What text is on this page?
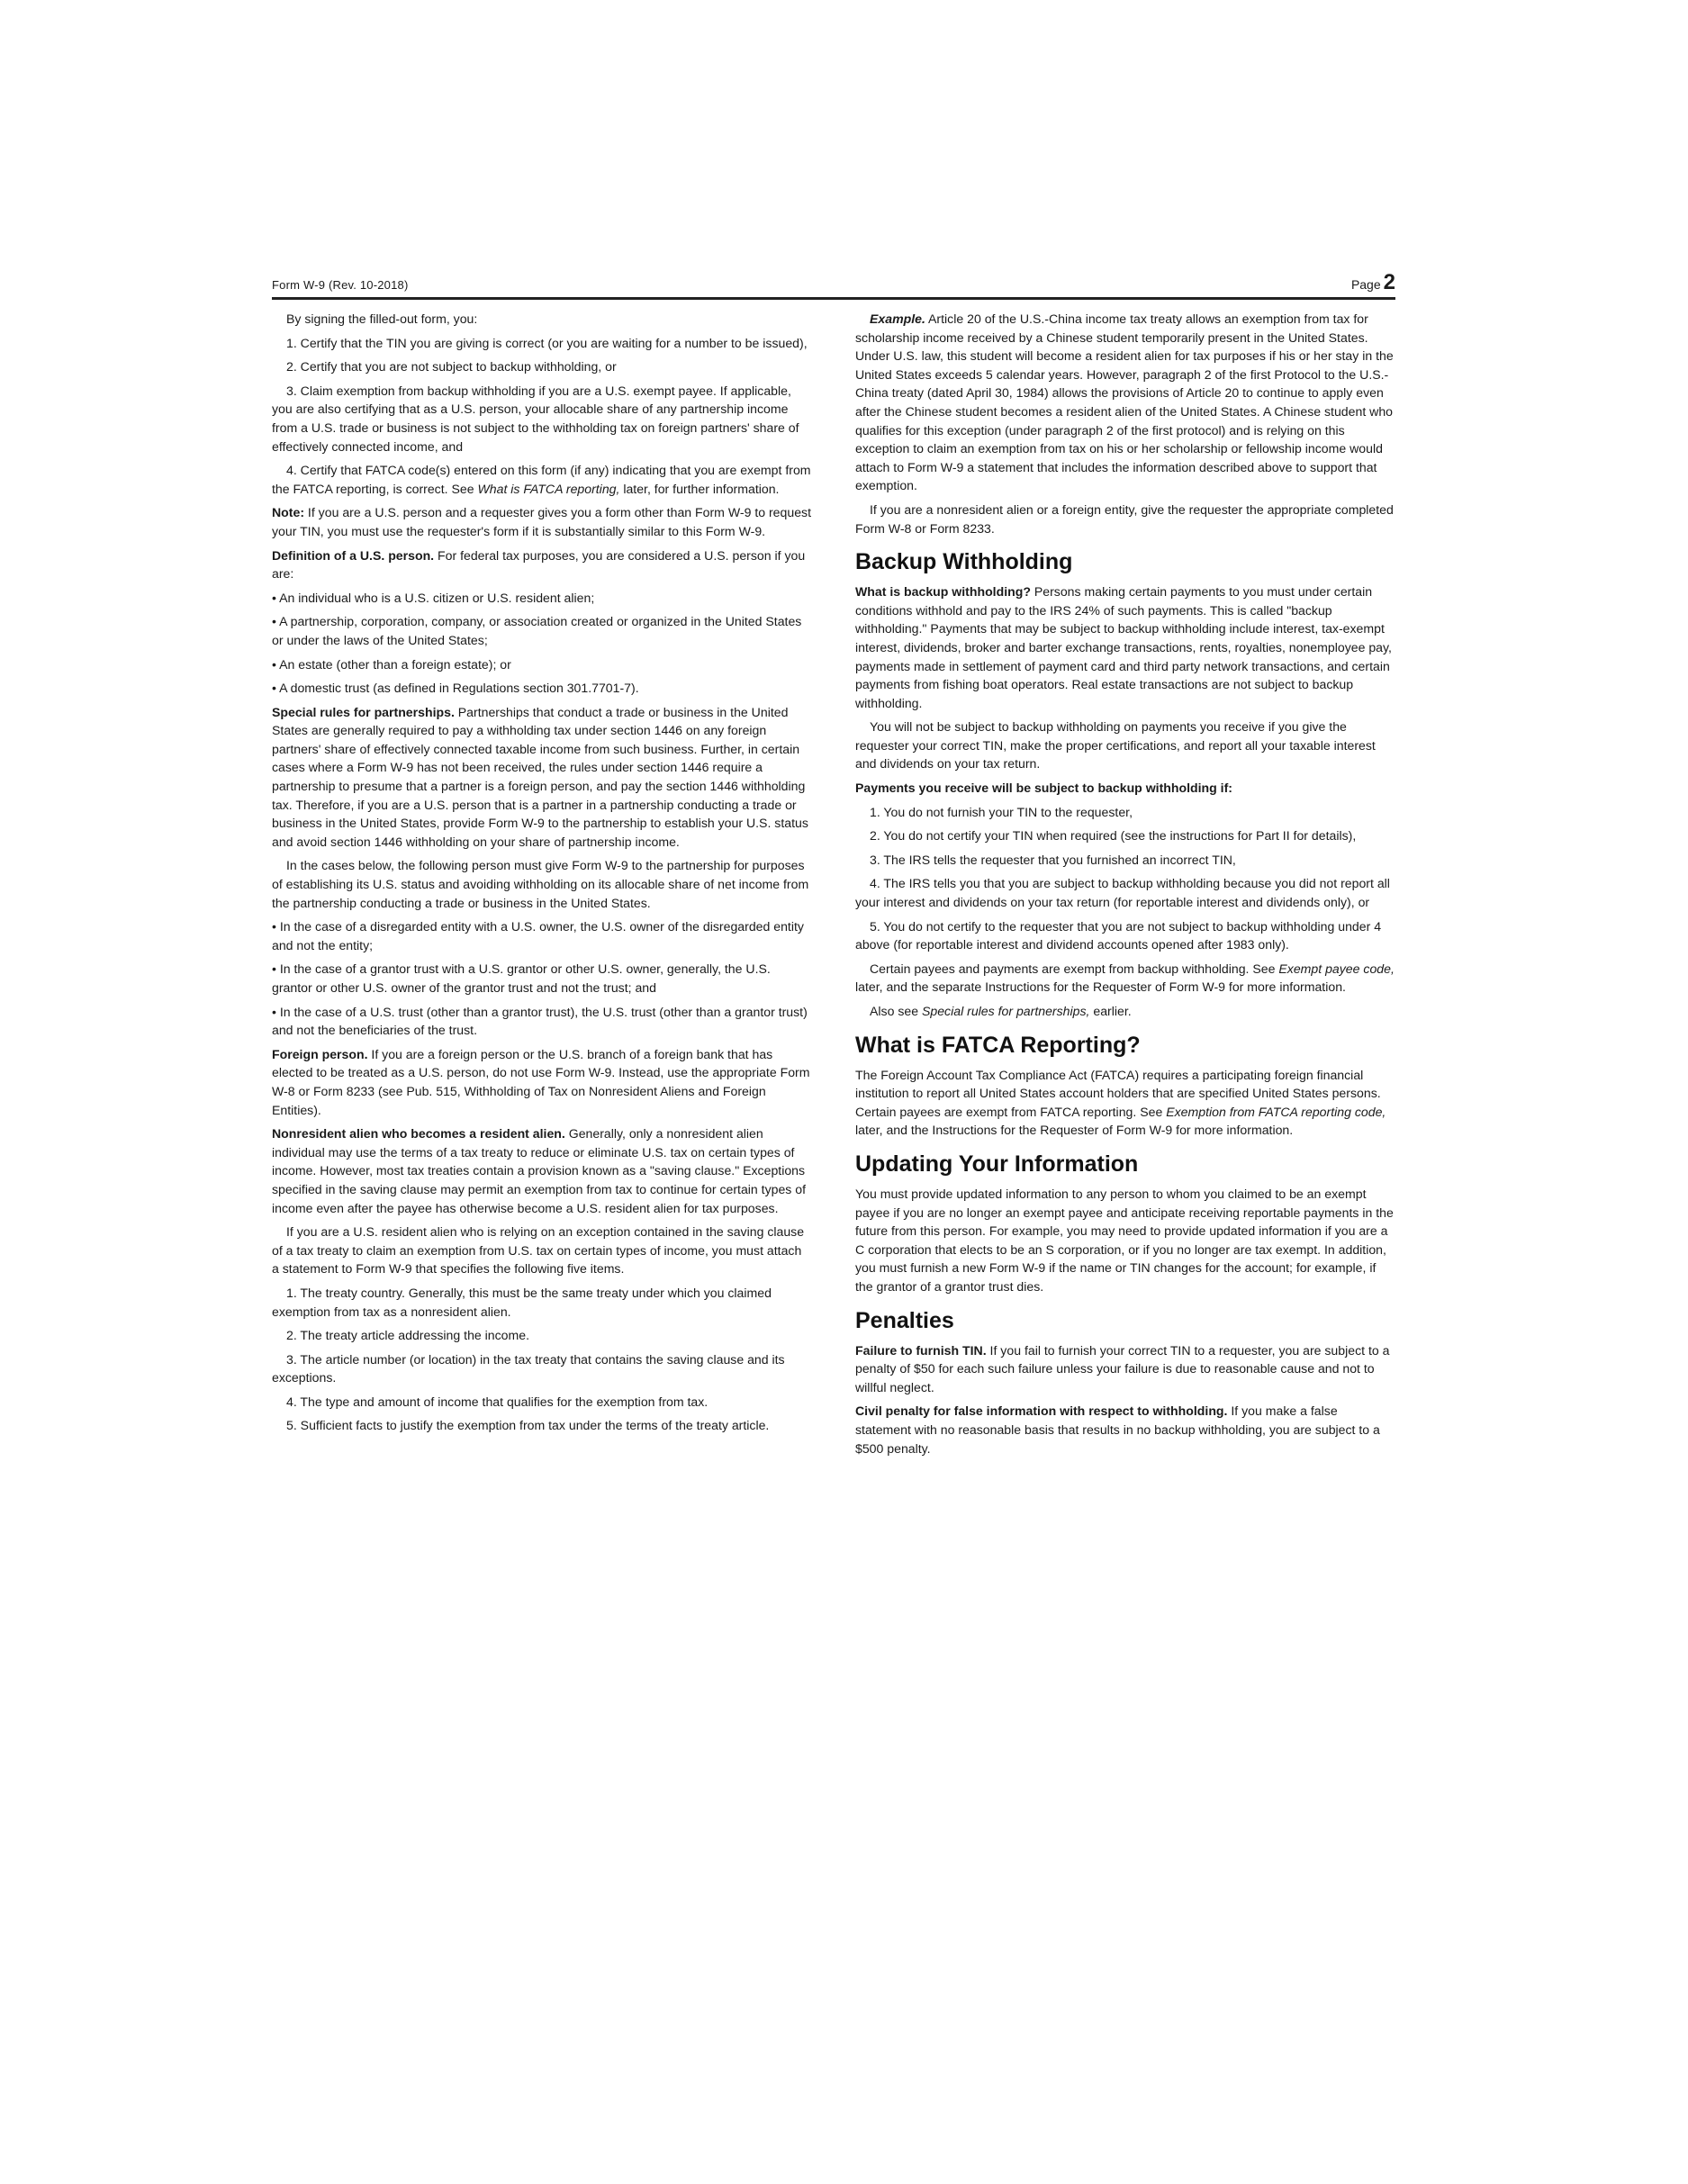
Form W-9 (Rev. 10-2018)	Page 2

By signing the filled-out form, you:

1. Certify that the TIN you are giving is correct (or you are waiting for a number to be issued),

2. Certify that you are not subject to backup withholding, or

3. Claim exemption from backup withholding if you are a U.S. exempt payee. If applicable, you are also certifying that as a U.S. person, your allocable share of any partnership income from a U.S. trade or business is not subject to the withholding tax on foreign partners' share of effectively connected income, and

4. Certify that FATCA code(s) entered on this form (if any) indicating that you are exempt from the FATCA reporting, is correct. See What is FATCA reporting, later, for further information.

Note: If you are a U.S. person and a requester gives you a form other than Form W-9 to request your TIN, you must use the requester's form if it is substantially similar to this Form W-9.

Definition of a U.S. person. For federal tax purposes, you are considered a U.S. person if you are:

• An individual who is a U.S. citizen or U.S. resident alien;

• A partnership, corporation, company, or association created or organized in the United States or under the laws of the United States;

• An estate (other than a foreign estate); or

• A domestic trust (as defined in Regulations section 301.7701-7).

Special rules for partnerships. Partnerships that conduct a trade or business in the United States are generally required to pay a withholding tax under section 1446 on any foreign partners' share of effectively connected taxable income from such business. Further, in certain cases where a Form W-9 has not been received, the rules under section 1446 require a partnership to presume that a partner is a foreign person, and pay the section 1446 withholding tax. Therefore, if you are a U.S. person that is a partner in a partnership conducting a trade or business in the United States, provide Form W-9 to the partnership to establish your U.S. status and avoid section 1446 withholding on your share of partnership income.

In the cases below, the following person must give Form W-9 to the partnership for purposes of establishing its U.S. status and avoiding withholding on its allocable share of net income from the partnership conducting a trade or business in the United States.

• In the case of a disregarded entity with a U.S. owner, the U.S. owner of the disregarded entity and not the entity;

• In the case of a grantor trust with a U.S. grantor or other U.S. owner, generally, the U.S. grantor or other U.S. owner of the grantor trust and not the trust; and

• In the case of a U.S. trust (other than a grantor trust), the U.S. trust (other than a grantor trust) and not the beneficiaries of the trust.

Foreign person. If you are a foreign person or the U.S. branch of a foreign bank that has elected to be treated as a U.S. person, do not use Form W-9. Instead, use the appropriate Form W-8 or Form 8233 (see Pub. 515, Withholding of Tax on Nonresident Aliens and Foreign Entities).

Nonresident alien who becomes a resident alien. Generally, only a nonresident alien individual may use the terms of a tax treaty to reduce or eliminate U.S. tax on certain types of income. However, most tax treaties contain a provision known as a "saving clause." Exceptions specified in the saving clause may permit an exemption from tax to continue for certain types of income even after the payee has otherwise become a U.S. resident alien for tax purposes.

If you are a U.S. resident alien who is relying on an exception contained in the saving clause of a tax treaty to claim an exemption from U.S. tax on certain types of income, you must attach a statement to Form W-9 that specifies the following five items.

1. The treaty country. Generally, this must be the same treaty under which you claimed exemption from tax as a nonresident alien.

2. The treaty article addressing the income.

3. The article number (or location) in the tax treaty that contains the saving clause and its exceptions.

4. The type and amount of income that qualifies for the exemption from tax.

5. Sufficient facts to justify the exemption from tax under the terms of the treaty article.

Example. Article 20 of the U.S.-China income tax treaty allows an exemption from tax for scholarship income received by a Chinese student temporarily present in the United States. Under U.S. law, this student will become a resident alien for tax purposes if his or her stay in the United States exceeds 5 calendar years. However, paragraph 2 of the first Protocol to the U.S.-China treaty (dated April 30, 1984) allows the provisions of Article 20 to continue to apply even after the Chinese student becomes a resident alien of the United States. A Chinese student who qualifies for this exception (under paragraph 2 of the first protocol) and is relying on this exception to claim an exemption from tax on his or her scholarship or fellowship income would attach to Form W-9 a statement that includes the information described above to support that exemption.

If you are a nonresident alien or a foreign entity, give the requester the appropriate completed Form W-8 or Form 8233.

Backup Withholding

What is backup withholding? Persons making certain payments to you must under certain conditions withhold and pay to the IRS 24% of such payments. This is called "backup withholding." Payments that may be subject to backup withholding include interest, tax-exempt interest, dividends, broker and barter exchange transactions, rents, royalties, nonemployee pay, payments made in settlement of payment card and third party network transactions, and certain payments from fishing boat operators. Real estate transactions are not subject to backup withholding.

You will not be subject to backup withholding on payments you receive if you give the requester your correct TIN, make the proper certifications, and report all your taxable interest and dividends on your tax return.

Payments you receive will be subject to backup withholding if:

1. You do not furnish your TIN to the requester,

2. You do not certify your TIN when required (see the instructions for Part II for details),

3. The IRS tells the requester that you furnished an incorrect TIN,

4. The IRS tells you that you are subject to backup withholding because you did not report all your interest and dividends on your tax return (for reportable interest and dividends only), or

5. You do not certify to the requester that you are not subject to backup withholding under 4 above (for reportable interest and dividend accounts opened after 1983 only).

Certain payees and payments are exempt from backup withholding. See Exempt payee code, later, and the separate Instructions for the Requester of Form W-9 for more information.

Also see Special rules for partnerships, earlier.

What is FATCA Reporting?

The Foreign Account Tax Compliance Act (FATCA) requires a participating foreign financial institution to report all United States account holders that are specified United States persons. Certain payees are exempt from FATCA reporting. See Exemption from FATCA reporting code, later, and the Instructions for the Requester of Form W-9 for more information.

Updating Your Information

You must provide updated information to any person to whom you claimed to be an exempt payee if you are no longer an exempt payee and anticipate receiving reportable payments in the future from this person. For example, you may need to provide updated information if you are a C corporation that elects to be an S corporation, or if you no longer are tax exempt. In addition, you must furnish a new Form W-9 if the name or TIN changes for the account; for example, if the grantor of a grantor trust dies.

Penalties

Failure to furnish TIN. If you fail to furnish your correct TIN to a requester, you are subject to a penalty of $50 for each such failure unless your failure is due to reasonable cause and not to willful neglect.

Civil penalty for false information with respect to withholding. If you make a false statement with no reasonable basis that results in no backup withholding, you are subject to a $500 penalty.
